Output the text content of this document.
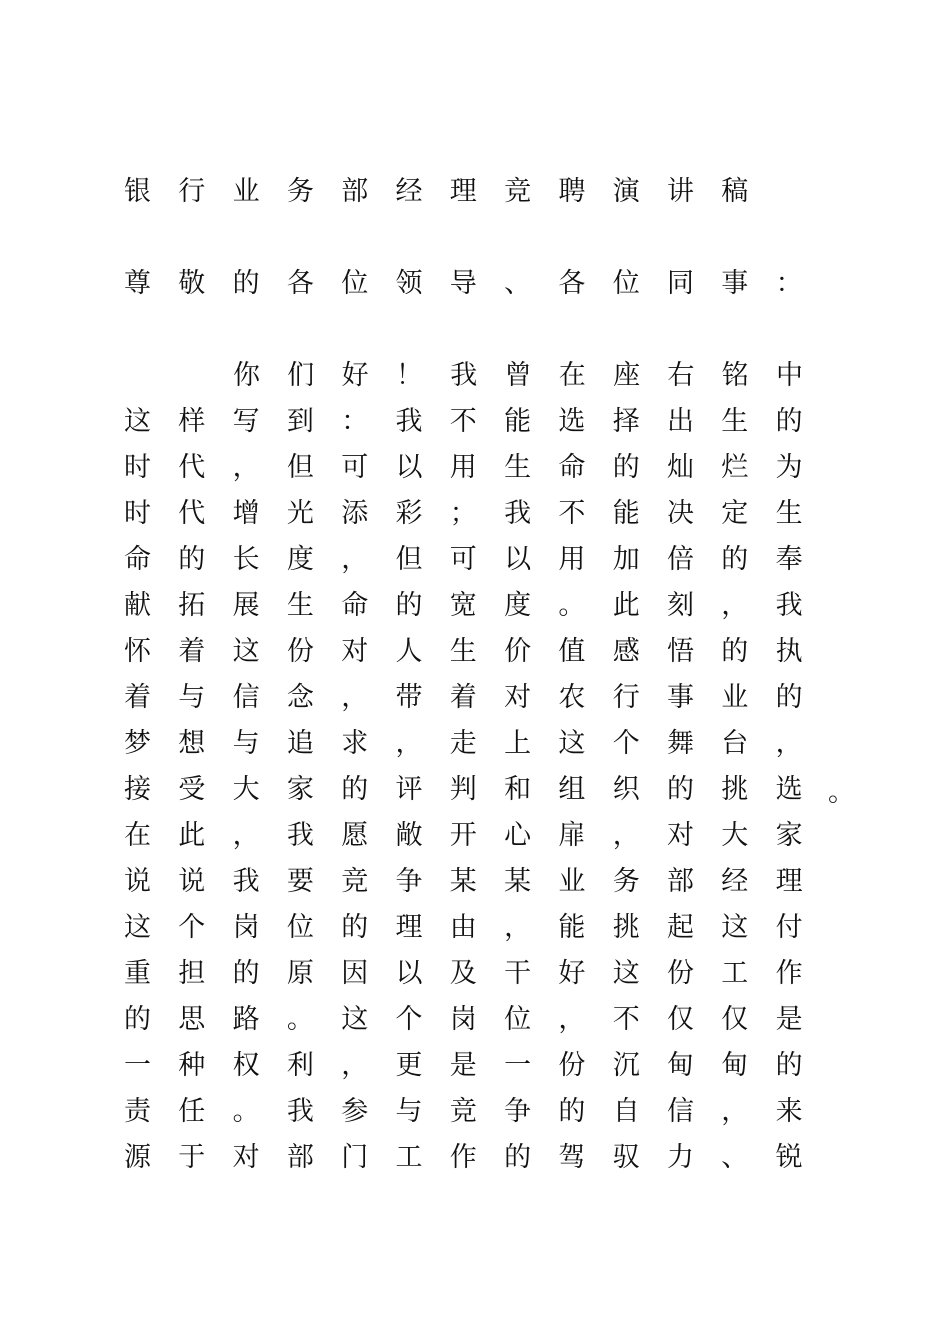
银行业务部经理竞聘演讲稿
尊敬的各位领导、各位同事：
你们好！我曾在座右铭中
这样写到：我不能选择出生的
时代，但可以用生命的灿烂为
时代增光添彩；我不能决定生
命的长度，但可以用加倍的奉
献拓展生命的宽度。此刻，我
怀着这份对人生价值感悟的执
着与信念，带着对农行事业的
梦想与追求，走上这个舞台，
接受大家的评判和组织的挑选
。
在此，我愿敞开心扉，对大家
说说我要竞争某某业务部经理
这个岗位的理由，能挑起这付
重担的原因以及干好这份工作
的思路。这个岗位，不仅仅是
一种权利，更是一份沉甸甸的
责任。我参与竞争的自信，来
源于对部门工作的驾驭力、锐
